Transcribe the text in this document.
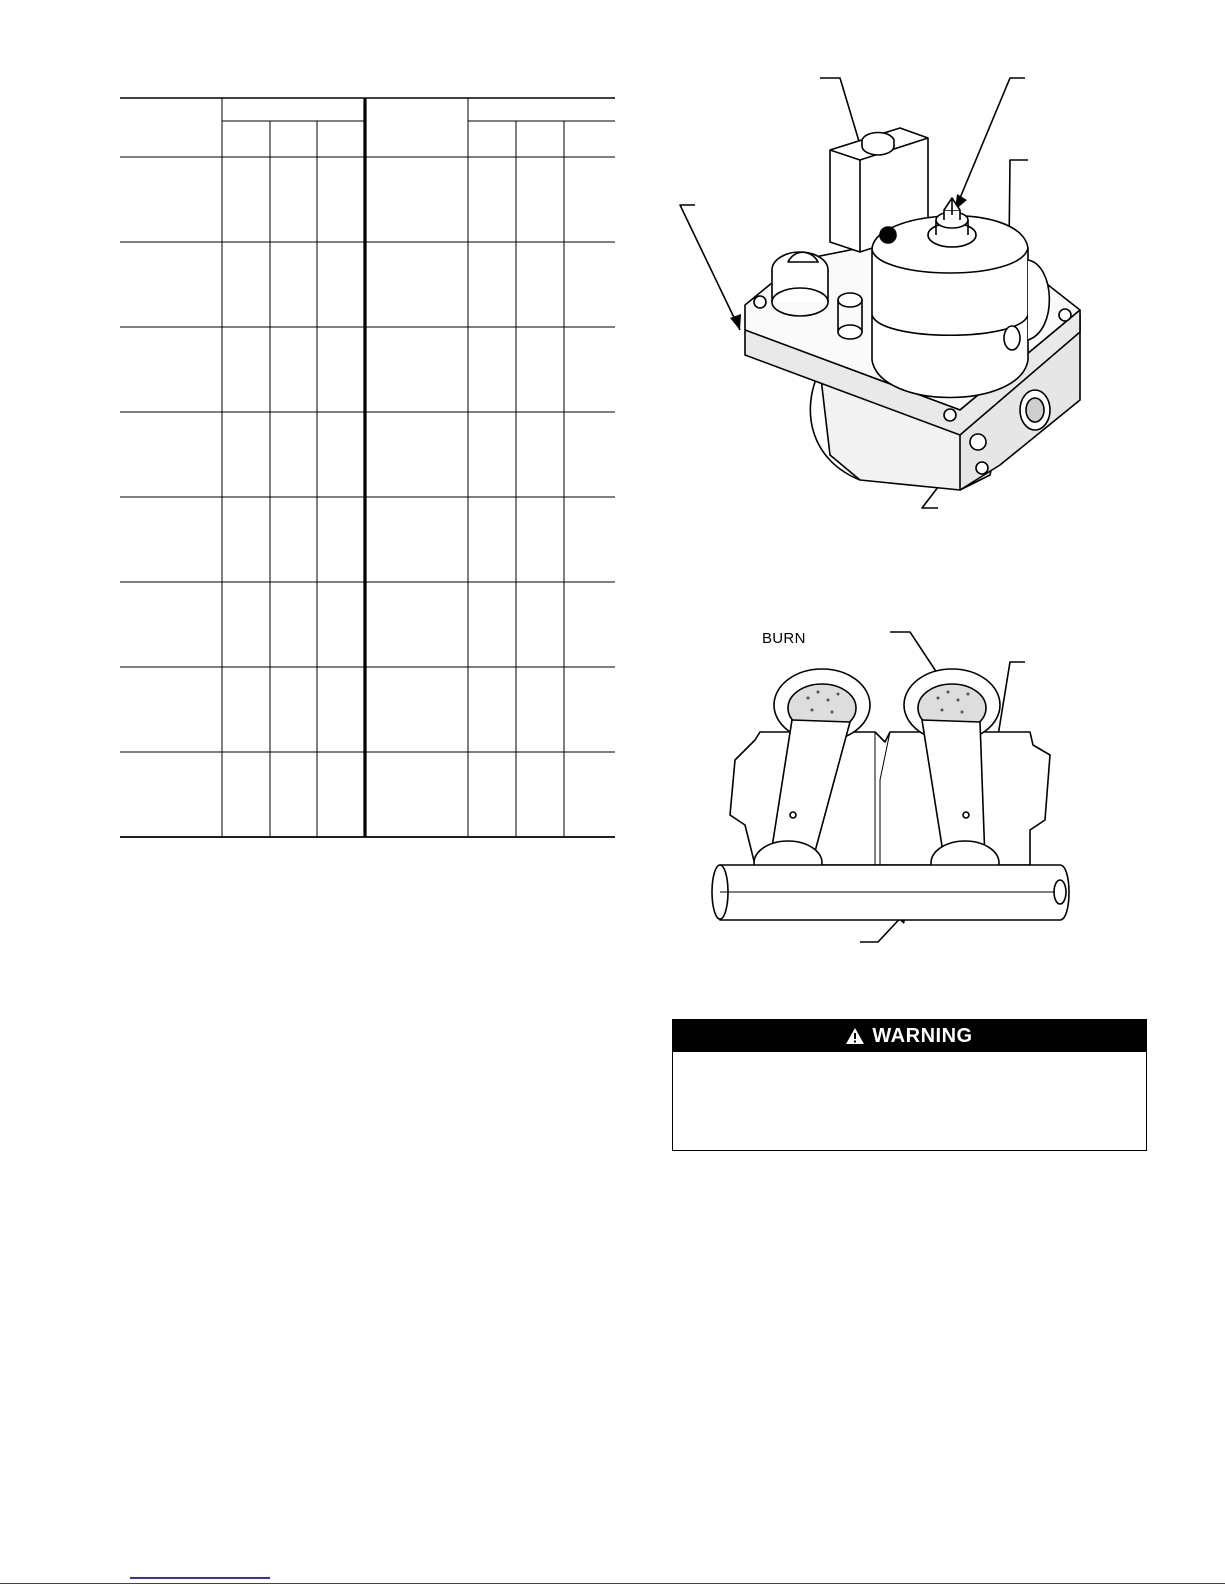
BURN
WARNING
